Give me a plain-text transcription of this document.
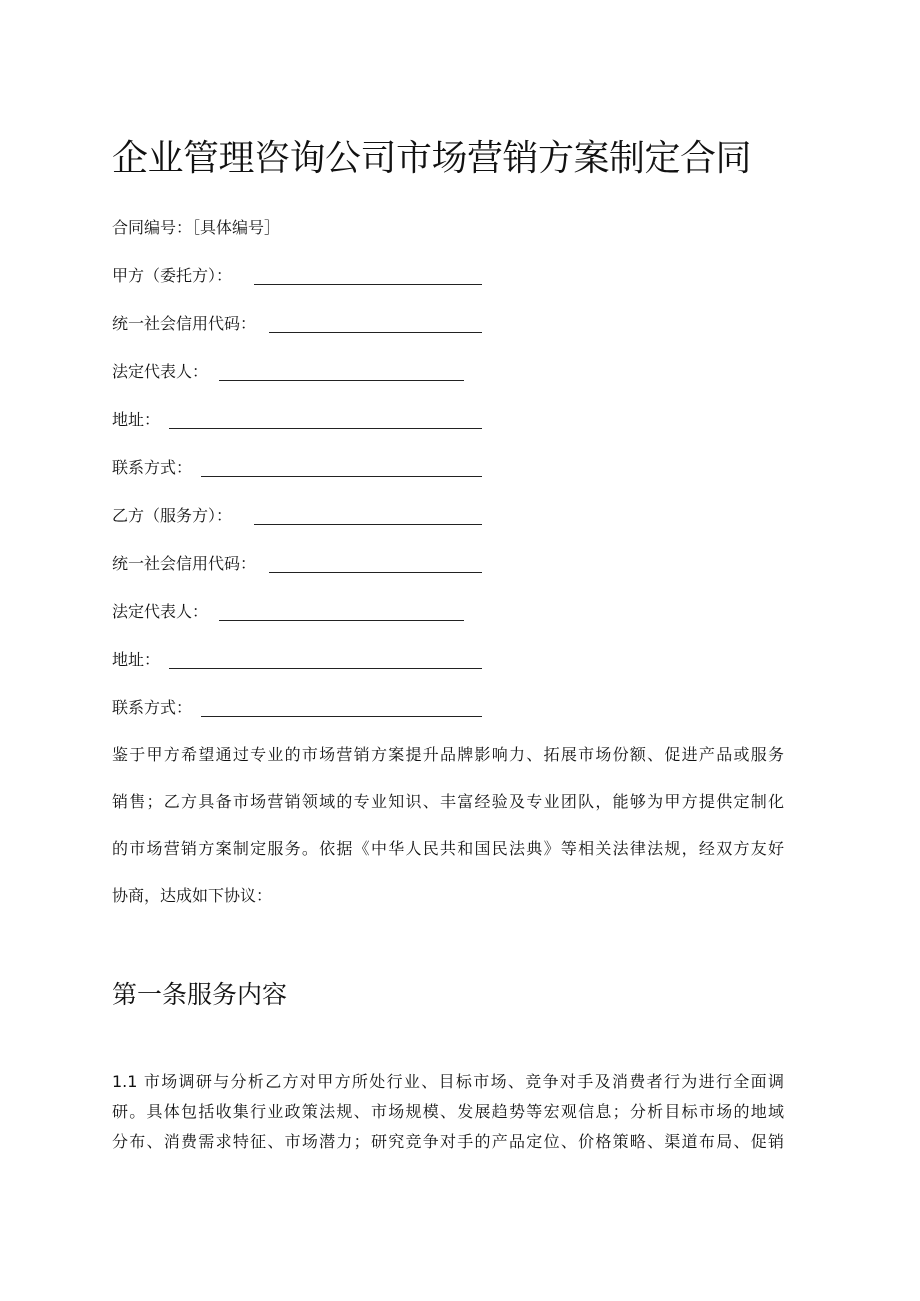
企业管理咨询公司市场营销方案制定合同
合同编号：［具体编号］
甲方（委托方）：
统一社会信用代码：
法定代表人：
地址：
联系方式：
乙方（服务方）：
统一社会信用代码：
法定代表人：
地址：
联系方式：
鉴于甲方希望通过专业的市场营销方案提升品牌影响力、拓展市场份额、促进产品或服务
销售；乙方具备市场营销领域的专业知识、丰富经验及专业团队，能够为甲方提供定制化
的市场营销方案制定服务。依据《中华人民共和国民法典》等相关法律法规，经双方友好
协商，达成如下协议：
第一条服务内容
1.1 市场调研与分析乙方对甲方所处行业、目标市场、竞争对手及消费者行为进行全面调
研。具体包括收集行业政策法规、市场规模、发展趋势等宏观信息；分析目标市场的地域
分布、消费需求特征、市场潜力；研究竞争对手的产品定位、价格策略、渠道布局、促销
